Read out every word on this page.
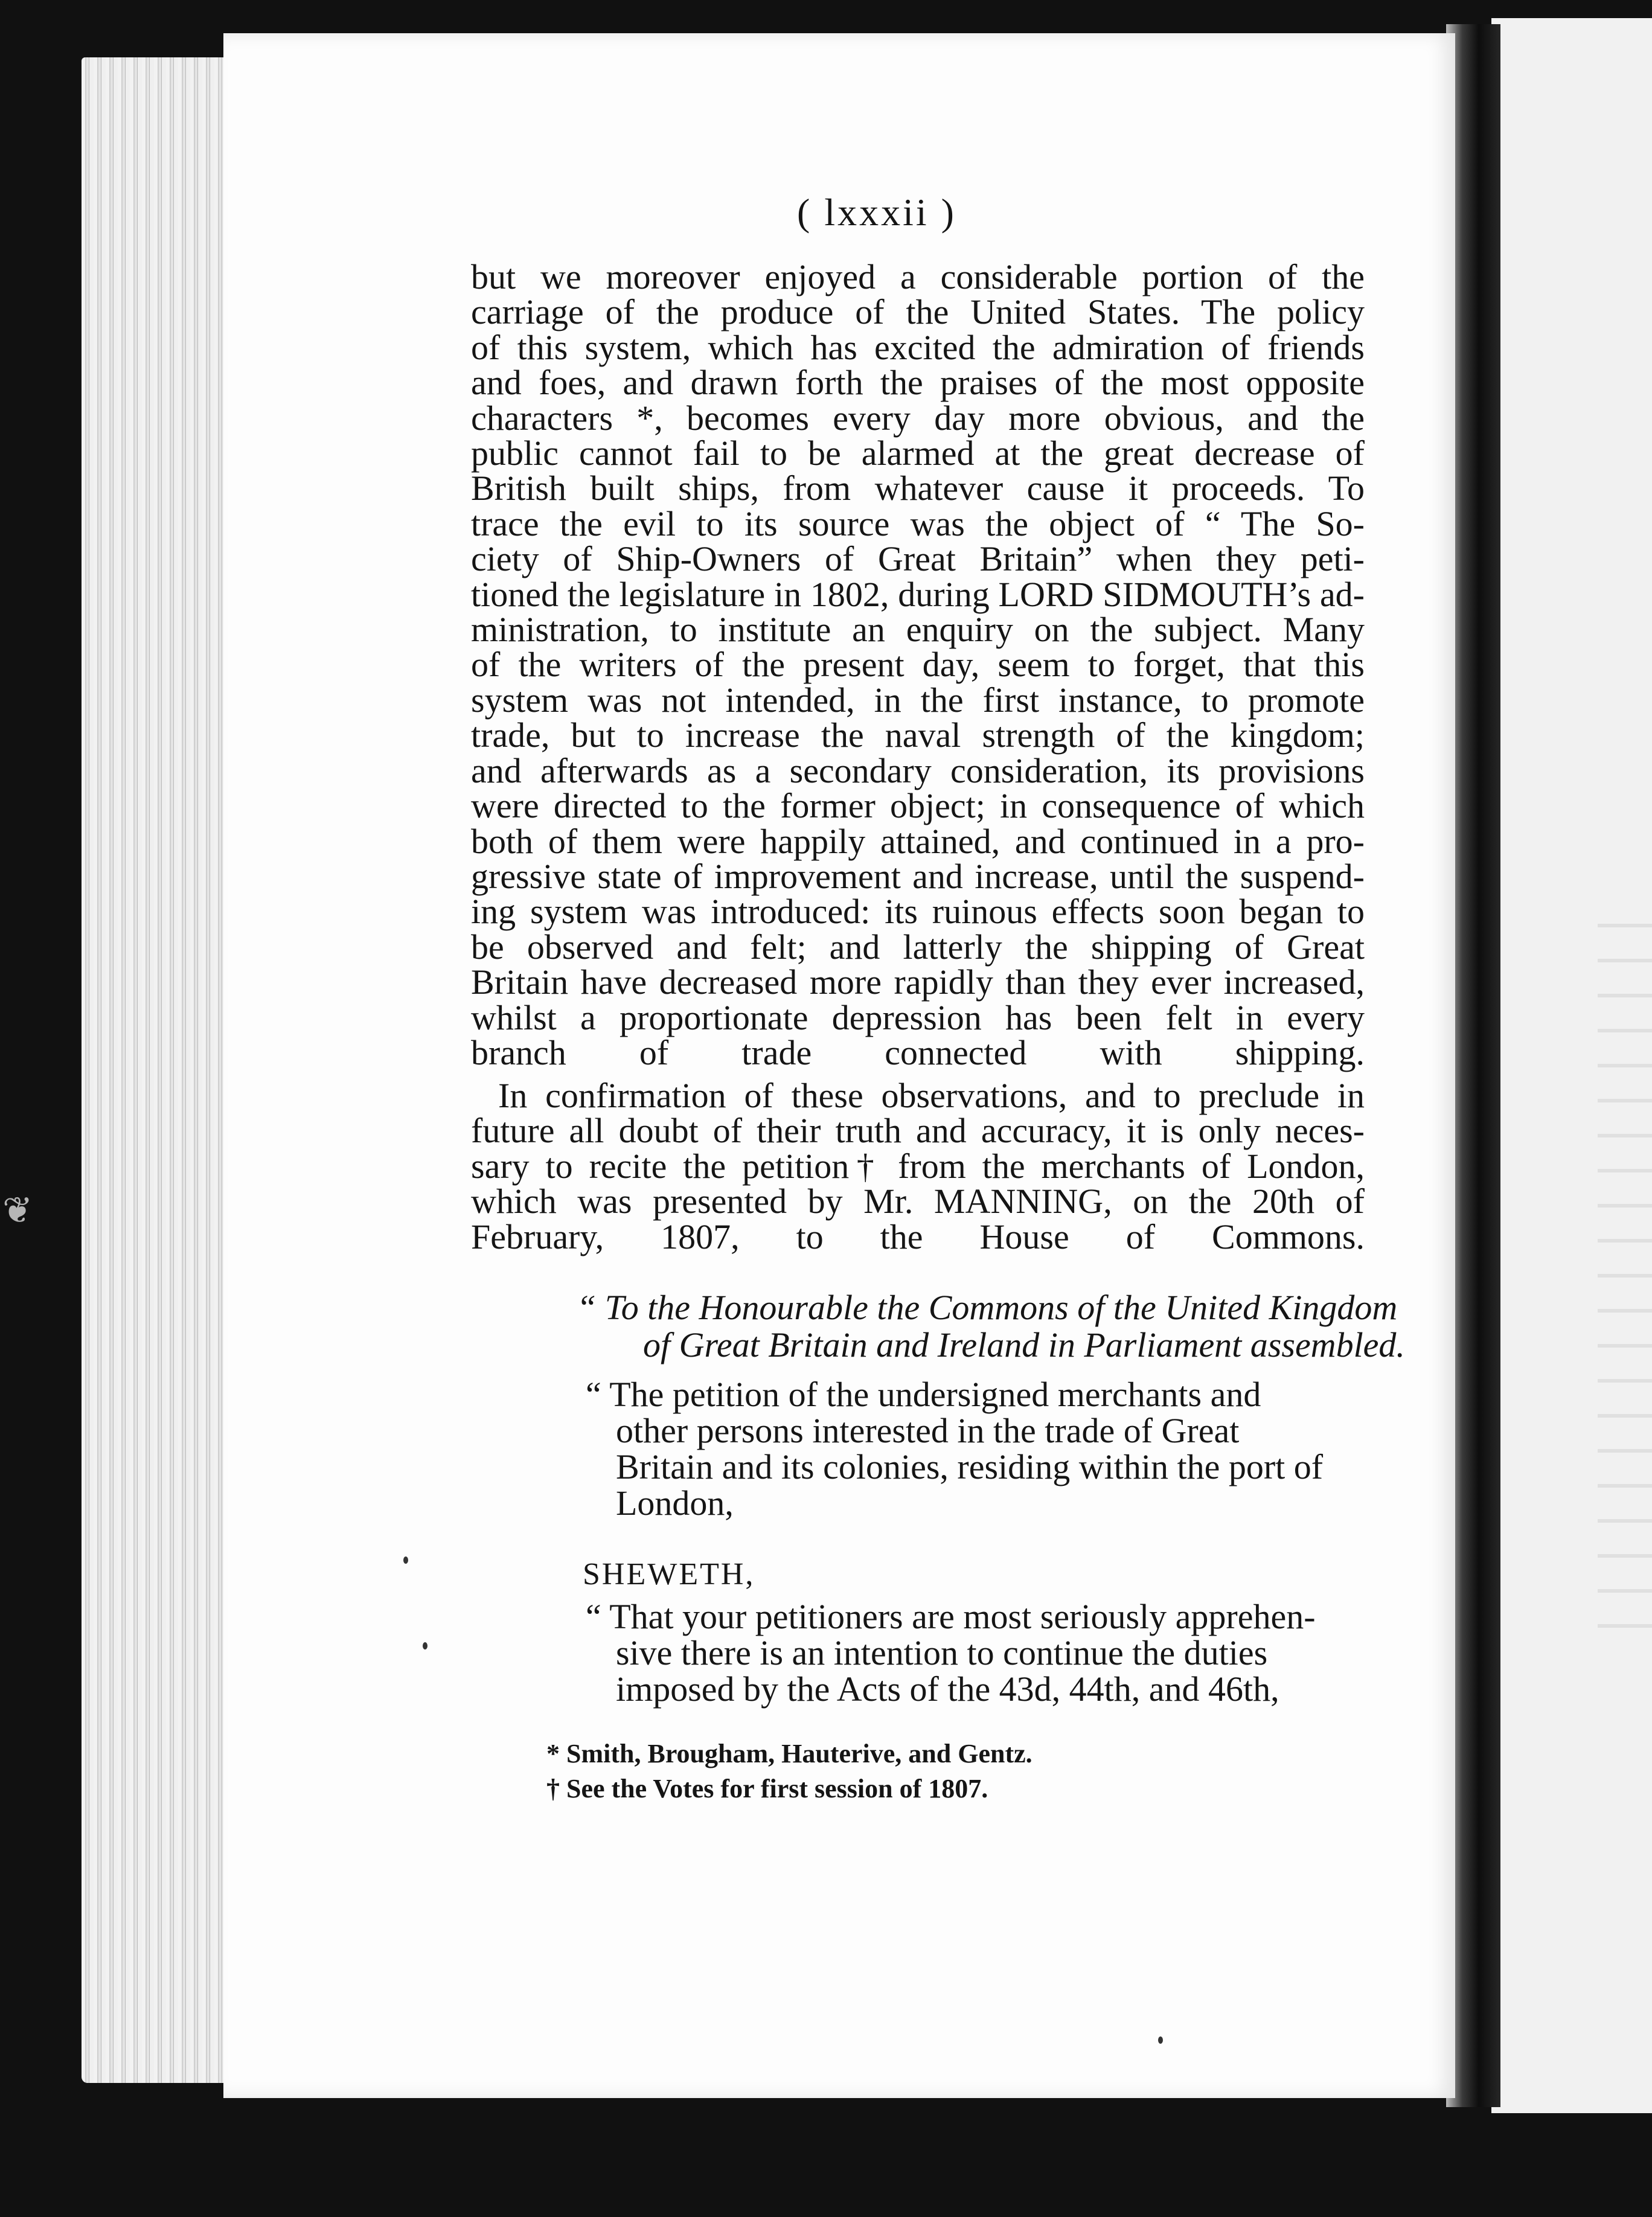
❦
( lxxxii )
but we moreover enjoyed a considerable portion of the
carriage of the produce of the United States. The policy
of this system, which has excited the admiration of friends
and foes, and drawn forth the praises of the most opposite
characters *, becomes every day more obvious, and the
public cannot fail to be alarmed at the great decrease of
British built ships, from whatever cause it proceeds. To
trace the evil to its source was the object of “ The So-
ciety of Ship-Owners of Great Britain” when they peti-
tioned the legislature in 1802, during LORD SIDMOUTH’s ad-
ministration, to institute an enquiry on the subject. Many
of the writers of the present day, seem to forget, that this
system was not intended, in the first instance, to promote
trade, but to increase the naval strength of the kingdom;
and afterwards as a secondary consideration, its provisions
were directed to the former object; in consequence of which
both of them were happily attained, and continued in a pro-
gressive state of improvement and increase, until the suspend-
ing system was introduced: its ruinous effects soon began to
be observed and felt; and latterly the shipping of Great
Britain have decreased more rapidly than they ever increased,
whilst a proportionate depression has been felt in every
branch of trade connected with shipping.
In confirmation of these observations, and to preclude in
future all doubt of their truth and accuracy, it is only neces-
sary to recite the petition† from the merchants of London,
which was presented by Mr. MANNING, on the 20th of
February, 1807, to the House of Commons.
“ To the Honourable the Commons of the United Kingdom
of Great Britain and Ireland in Parliament assembled.
“ The petition of the undersigned merchants and
other persons interested in the trade of Great
Britain and its colonies, residing within the port of
London,
SHEWETH,
“ That your petitioners are most seriously apprehen-
sive there is an intention to continue the duties
imposed by the Acts of the 43d, 44th, and 46th,
* Smith, Brougham, Hauterive, and Gentz.
† See the Votes for first session of 1807.
